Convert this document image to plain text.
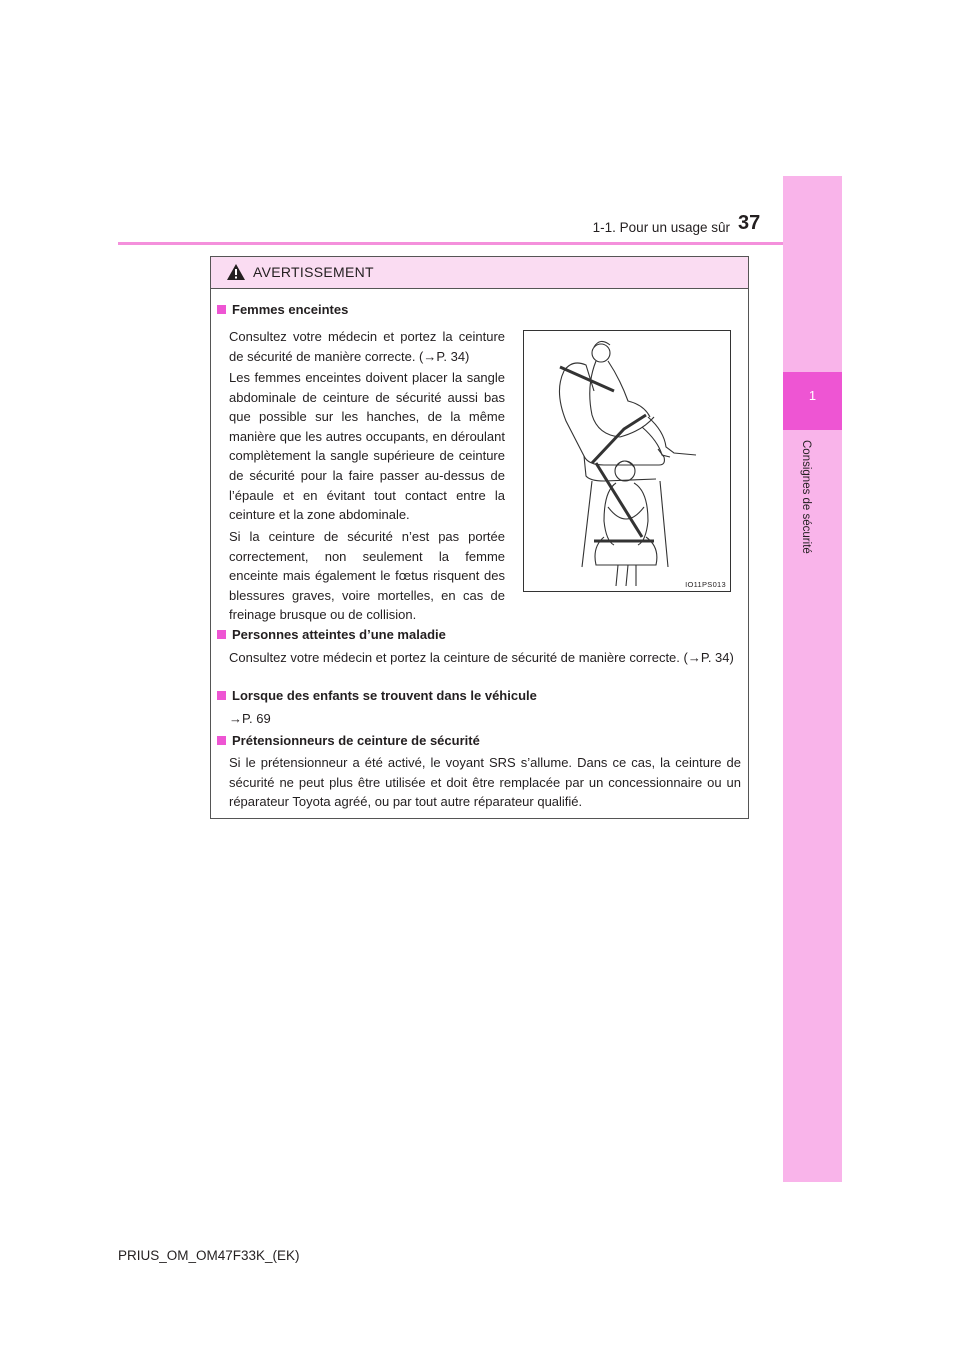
1
Consignes de sécurité
1-1. Pour un usage sûr 37
AVERTISSEMENT
Femmes enceintes

Consultez votre médecin et portez la ceinture de sécurité de manière correcte. (→P. 34)

Les femmes enceintes doivent placer la sangle abdominale de ceinture de sécurité aussi bas que possible sur les hanches, de la même manière que les autres occupants, en déroulant complètement la sangle supérieure de ceinture de sécurité pour la faire passer au-dessus de l’épaule et en évitant tout contact entre la ceinture et la zone abdominale.

Si la ceinture de sécurité n’est pas portée correctement, non seulement la femme enceinte mais également le fœtus risquent des blessures graves, voire mortelles, en cas de freinage brusque ou de collision.

IO11PS013
Personnes atteintes d’une maladie

Consultez votre médecin et portez la ceinture de sécurité de manière correcte. (→P. 34)

Lorsque des enfants se trouvent dans le véhicule

→P. 69

Prétensionneurs de ceinture de sécurité

Si le prétensionneur a été activé, le voyant SRS s’allume. Dans ce cas, la ceinture de sécurité ne peut plus être utilisée et doit être remplacée par un concessionnaire ou un réparateur Toyota agréé, ou par tout autre réparateur qualifié.

PRIUS_OM_OM47F33K_(EK)
